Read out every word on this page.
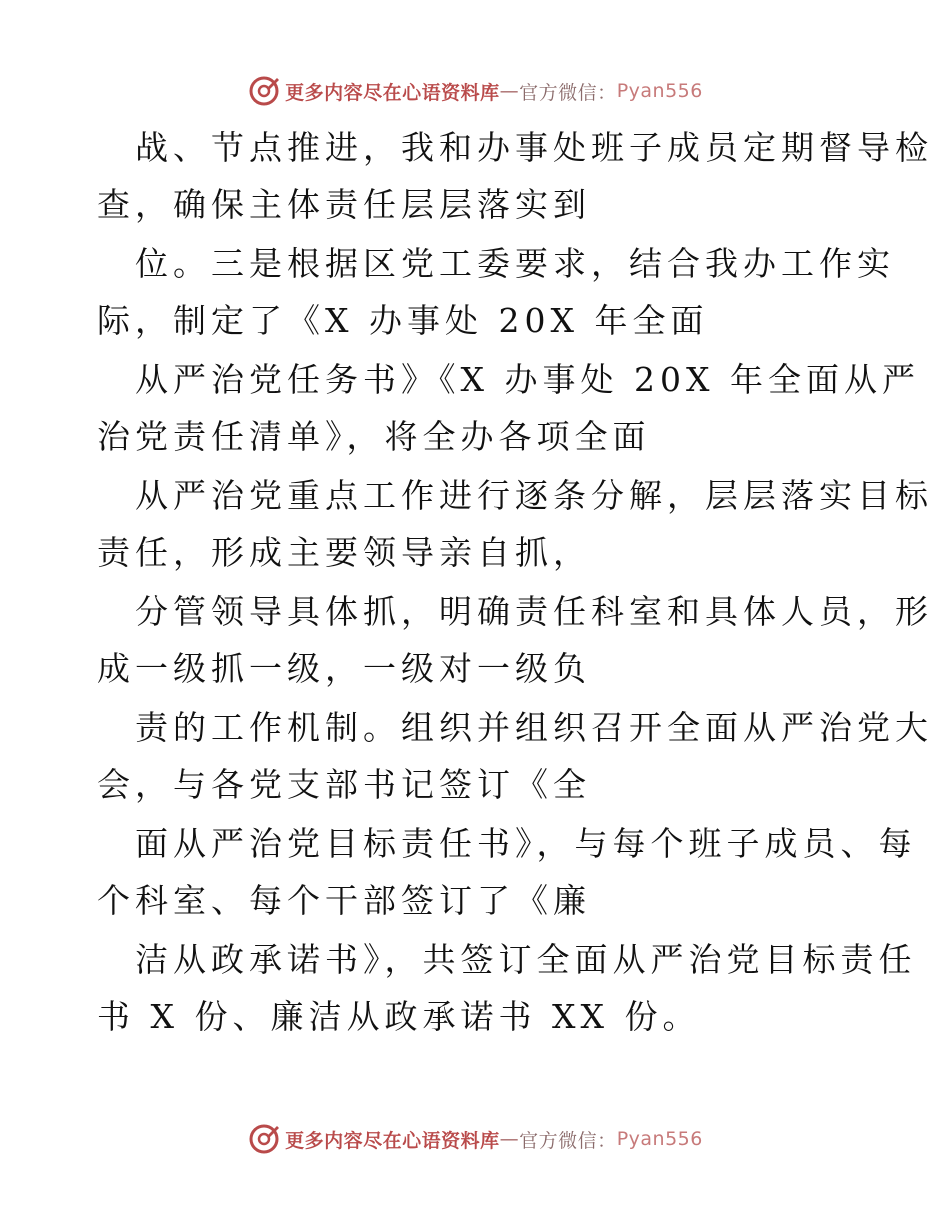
更多内容尽在心语资料库 — 官方微信： Pyan556
战、节点推进，我和办事处班子成员定期督导检
查，确保主体责任层层落实到
位。三是根据区党工委要求，结合我办工作实
际，制定了《X 办事处 20X 年全面
从严治党任务书》《X 办事处 20X 年全面从严
治党责任清单》，将全办各项全面
从严治党重点工作进行逐条分解，层层落实目标
责任，形成主要领导亲自抓，
分管领导具体抓，明确责任科室和具体人员，形
成一级抓一级，一级对一级负
责的工作机制。组织并组织召开全面从严治党大
会，与各党支部书记签订《全
面从严治党目标责任书》，与每个班子成员、每
个科室、每个干部签订了《廉
洁从政承诺书》，共签订全面从严治党目标责任
书 X 份、廉洁从政承诺书 XX 份。
更多内容尽在心语资料库 — 官方微信： Pyan556
